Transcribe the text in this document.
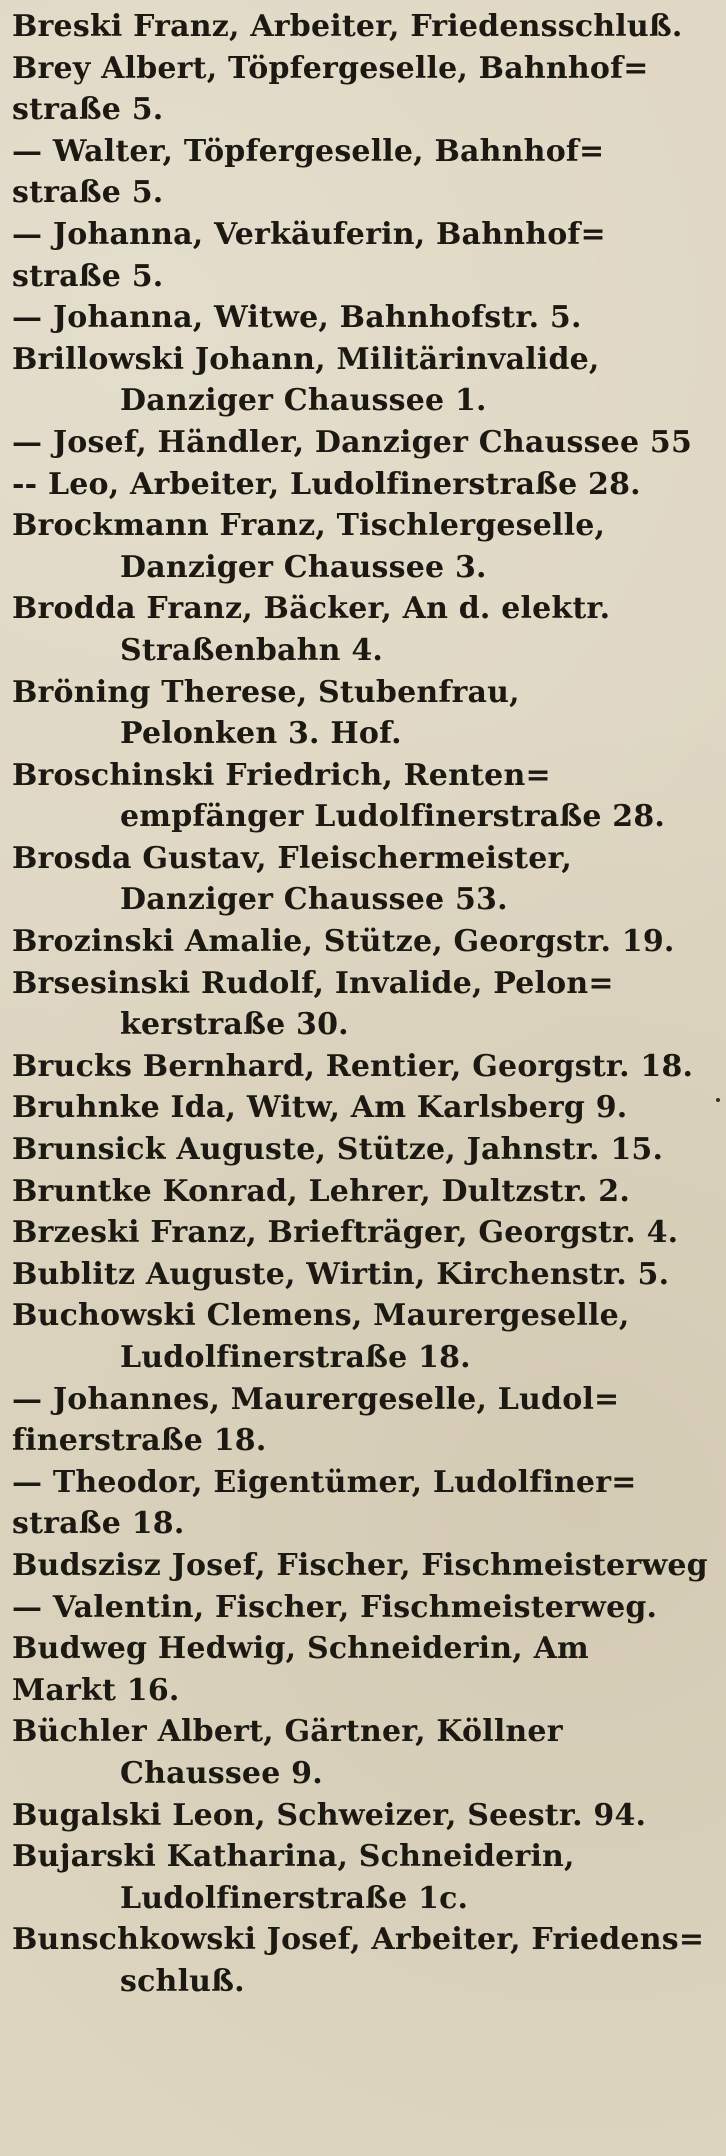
Breski Franz, Arbeiter, Friedensschluß.
Brey Albert, Töpfergeselle, Bahnhof=
straße 5.
— Walter, Töpfergeselle, Bahnhof=
straße 5.
— Johanna, Verkäuferin, Bahnhof=
straße 5.
— Johanna, Witwe, Bahnhofstr. 5.
Brillowski Johann, Militärinvalide,
Danziger Chaussee 1.
— Josef, Händler, Danziger Chaussee 55
-- Leo, Arbeiter, Ludolfinerstraße 28.
Brockmann Franz, Tischlergeselle,
Danziger Chaussee 3.
Brodda Franz, Bäcker, An d. elektr.
Straßenbahn 4.
Bröning Therese, Stubenfrau,
Pelonken 3. Hof.
Broschinski Friedrich, Renten=
empfänger Ludolfinerstraße 28.
Brosda Gustav, Fleischermeister,
Danziger Chaussee 53.
Brozinski Amalie, Stütze, Georgstr. 19.
Brsesinski Rudolf, Invalide, Pelon=
kerstraße 30.
Brucks Bernhard, Rentier, Georgstr. 18.
Bruhnke Ida, Witw, Am Karlsberg 9.
Brunsick Auguste, Stütze, Jahnstr. 15.
Bruntke Konrad, Lehrer, Dultzstr. 2.
Brzeski Franz, Briefträger, Georgstr. 4.
Bublitz Auguste, Wirtin, Kirchenstr. 5.
Buchowski Clemens, Maurergeselle,
Ludolfinerstraße 18.
— Johannes, Maurergeselle, Ludol=
finerstraße 18.
— Theodor, Eigentümer, Ludolfiner=
straße 18.
Budszisz Josef, Fischer, Fischmeisterweg
— Valentin, Fischer, Fischmeisterweg.
Budweg Hedwig, Schneiderin, Am
Markt 16.
Büchler Albert, Gärtner, Köllner
Chaussee 9.
Bugalski Leon, Schweizer, Seestr. 94.
Bujarski Katharina, Schneiderin,
Ludolfinerstraße 1c.
Bunschkowski Josef, Arbeiter, Friedens=
schluß.
